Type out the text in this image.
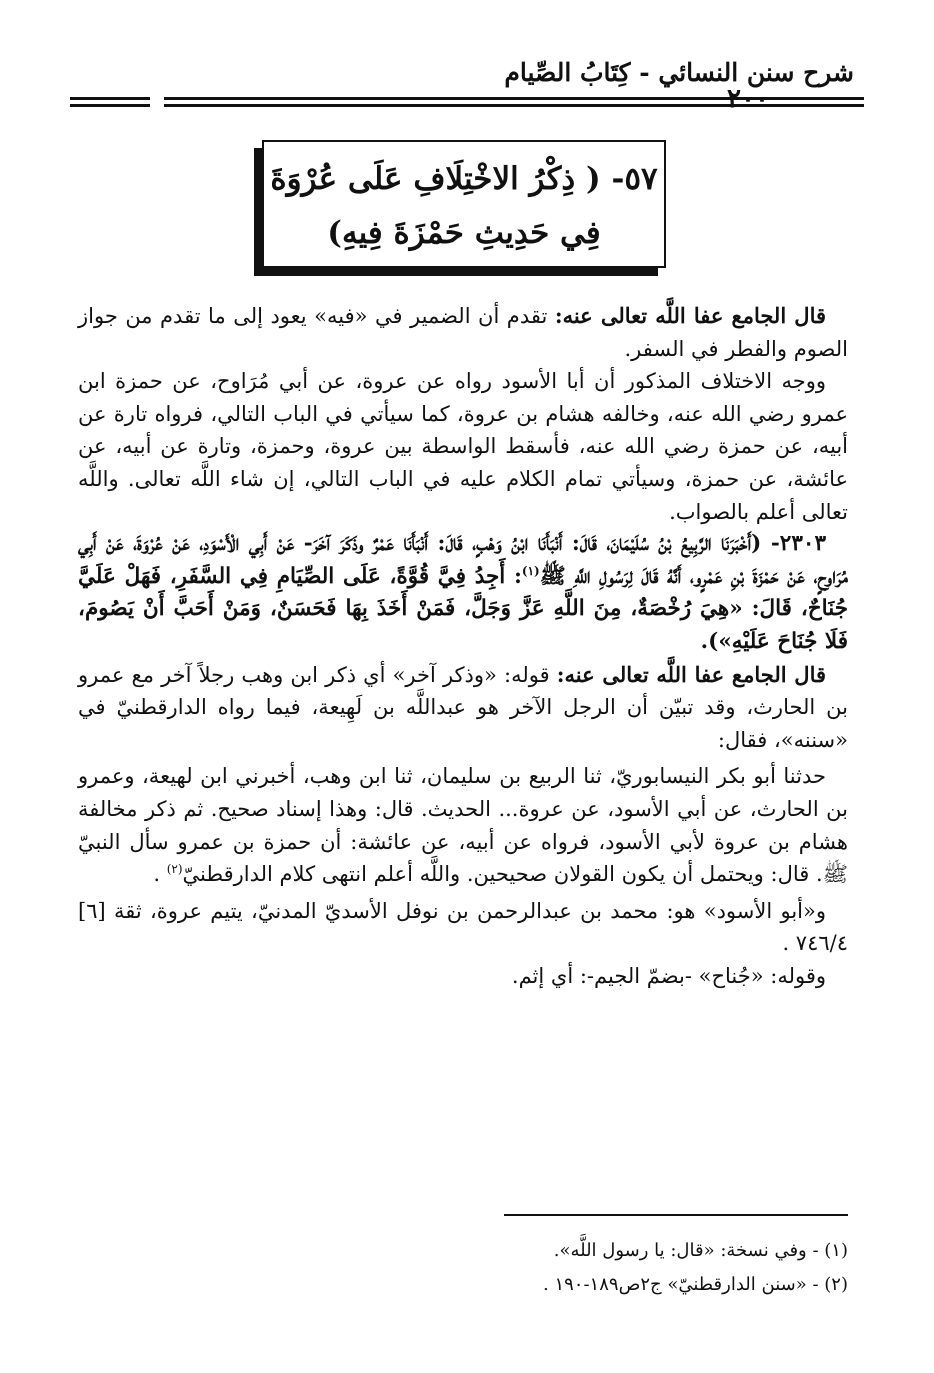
شرح سنن النسائي - كِتَابُ الصِّيام
٢٠٠
٥٧- ( ذِكْرُ الاخْتِلَافِ عَلَى عُرْوَةَ
فِي حَدِيثِ حَمْزَةَ فِيهِ)

قال الجامع عفا اللَّه تعالى عنه: تقدم أن الضمير في «فيه» يعود إلى ما تقدم من جواز الصوم والفطر في السفر.

ووجه الاختلاف المذكور أن أبا الأسود رواه عن عروة، عن أبي مُرَاوح، عن حمزة ابن عمرو رضي الله عنه، وخالفه هشام بن عروة، كما سيأتي في الباب التالي، فرواه تارة عن أبيه، عن حمزة رضي الله عنه، فأسقط الواسطة بين عروة، وحمزة، وتارة عن أبيه، عن عائشة، عن حمزة، وسيأتي تمام الكلام عليه في الباب التالي، إن شاء اللَّه تعالى. واللَّه تعالى أعلم بالصواب.

٢٣٠٣- (أَخْبَرَنَا الرَّبِيعُ بْنُ سُلَيْمَانَ، قَالَ: أَنْبَأَنَا ابْنُ وَهْبٍ، قَالَ: أَنْبَأَنَا عَمْرٌ وذَكَرَ آخَرَ- عَنْ أَبِي الْأَسْوَدِ، عَنْ عُرْوَةَ، عَنْ أَبِي مُرَاوِحٍ، عَنْ حَمْزَةَ بْنِ عَمْرٍو، أَنَّهُ قَالَ لِرَسُولِ اللَّهِ ﷺ$^{(١)}$: أَجِدُ فِيَّ قُوَّةً، عَلَى الصِّيَامِ فِي السَّفَرِ، فَهَلْ عَلَيَّ جُنَاحٌ، قَالَ: «هِيَ رُخْصَةٌ، مِنَ اللَّهِ عَزَّ وَجَلَّ، فَمَنْ أَخَذَ بِهَا فَحَسَنٌ، وَمَنْ أَحَبَّ أَنْ يَصُومَ، فَلَا جُنَاحَ عَلَيْهِ»).

قال الجامع عفا اللَّه تعالى عنه: قوله: «وذكر آخر» أي ذكر ابن وهب رجلاً آخر مع عمرو بن الحارث، وقد تبيّن أن الرجل الآخر هو عبداللَّه بن لَهِيعة، فيما رواه الدارقطنيّ في «سننه»، فقال:

حدثنا أبو بكر النيسابوريّ، ثنا الربيع بن سليمان، ثنا ابن وهب، أخبرني ابن لهيعة، وعمرو بن الحارث، عن أبي الأسود، عن عروة... الحديث. قال: وهذا إسناد صحيح. ثم ذكر مخالفة هشام بن عروة لأبي الأسود، فرواه عن أبيه، عن عائشة: أن حمزة بن عمرو سأل النبيّ ﷺ. قال: ويحتمل أن يكون القولان صحيحين. واللَّه أعلم انتهى كلام الدارقطنيّ$^{(٢)}$ .

و«أبو الأسود» هو: محمد بن عبدالرحمن بن نوفل الأسديّ المدنيّ، يتيم عروة، ثقة [٦] ٧٤٦/٤ .

وقوله: «جُناح» -بضمّ الجيم-: أي إثم.

(١) - وفي نسخة: «قال: يا رسول اللَّه».

(٢) - «سنن الدارقطنيّ» ج٢ص١٨٩-١٩٠ .
